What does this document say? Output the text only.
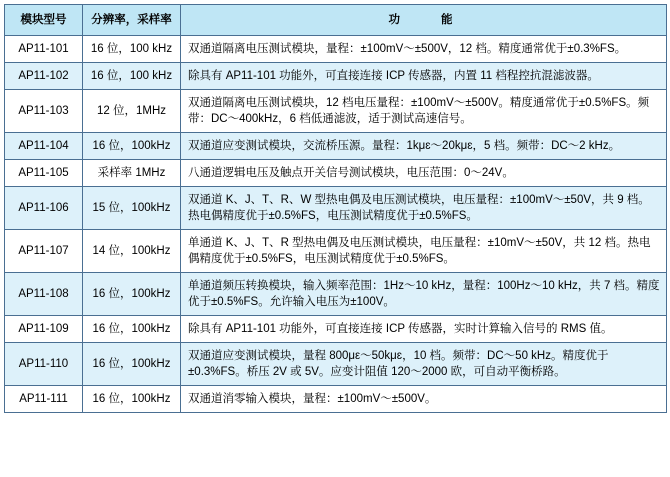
模块型号	分辨率，采样率	功　　能
AP11-101	16 位，100 kHz	双通道隔离电压测试模块，量程：±100mV～±500V，12 档。精度通常优于±0.3%FS。
AP11-102	16 位，100 kHz	除具有 AP11-101 功能外，可直接连接 ICP 传感器，内置 11 档程控抗混滤波器。
AP11-103	12 位，1MHz	双通道隔离电压测试模块，12 档电压量程：±100mV～±500V。精度通常优于±0.5%FS。频带：DC～400kHz，6 档低通滤波，适于测试高速信号。
AP11-104	16 位，100kHz	双通道应变测试模块，交流桥压源。量程：1kμɛ～20kμɛ，5 档。频带：DC～2 kHz。
AP11-105	采样率 1MHz	八通道逻辑电压及触点开关信号测试模块，电压范围：0～24V。
AP11-106	15 位，100kHz	双通道 K、J、T、R、W 型热电偶及电压测试模块，电压量程：±100mV～±50V，共 9 档。热电偶精度优于±0.5%FS，电压测试精度优于±0.5%FS。
AP11-107	14 位，100kHz	单通道 K、J、T、R 型热电偶及电压测试模块，电压量程：±10mV～±50V，共 12 档。热电偶精度优于±0.5%FS，电压测试精度优于±0.5%FS。
AP11-108	16 位，100kHz	单通道频压转换模块，输入频率范围：1Hz～10 kHz，量程：100Hz～10 kHz，共 7 档。精度优于±0.5%FS。允许输入电压为±100V。
AP11-109	16 位，100kHz	除具有 AP11-101 功能外，可直接连接 ICP 传感器，实时计算输入信号的 RMS 值。
AP11-110	16 位，100kHz	双通道应变测试模块，量程 800με～50kμɛ，10 档。频带：DC～50 kHz。精度优于±0.3%FS。桥压 2V 或 5V。应变计阻值 120～2000 欧，可自动平衡桥路。
AP11-111	16 位，100kHz	双通道消零输入模块，量程：±100mV～±500V。
